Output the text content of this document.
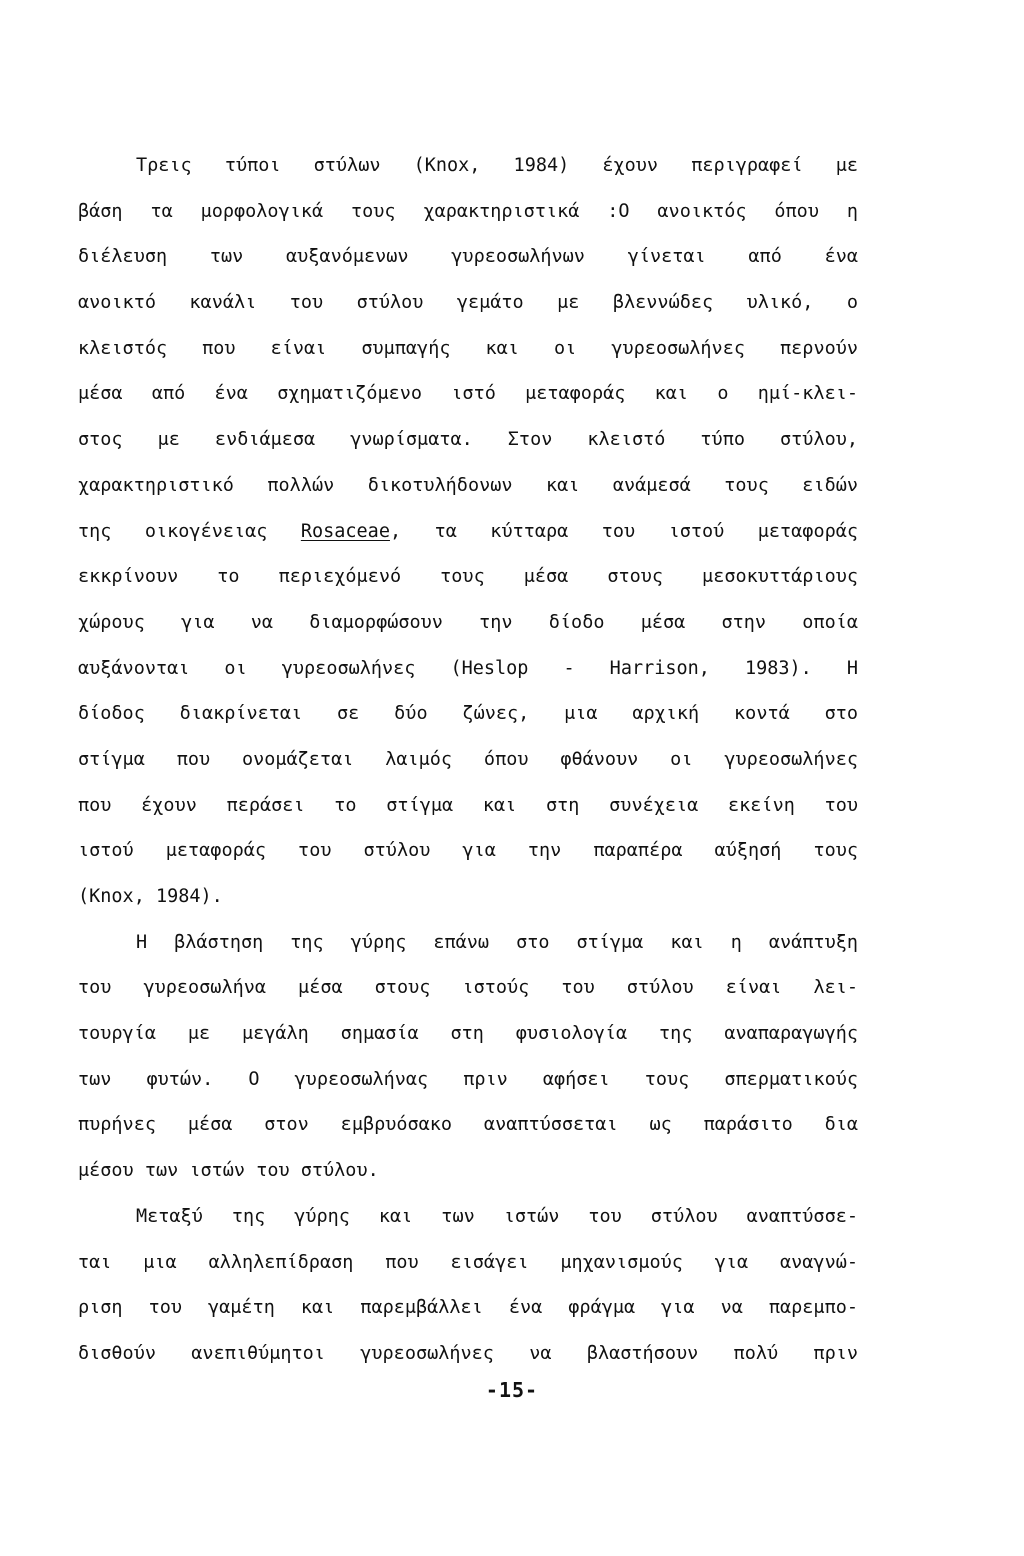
Τρεις τύποι στύλων (Knox, 1984) έχουν περιγραφεί με
βάση τα μορφολογικά τους χαρακτηριστικά :Ο ανοικτός όπου η
διέλευση των αυξανόμενων γυρεοσωλήνων γίνεται από ένα
ανοικτό κανάλι του στύλου γεμάτο με βλεννώδες υλικό, ο
κλειστός που είναι συμπαγής και οι γυρεοσωλήνες περνούν
μέσα από ένα σχηματιζόμενο ιστό μεταφοράς και ο ημί-κλει-
στος με ενδιάμεσα γνωρίσματα. Στον κλειστό τύπο στύλου,
χαρακτηριστικό πολλών δικοτυλήδονων και ανάμεσά τους ειδών
της οικογένειας Rosaceae, τα κύτταρα του ιστού μεταφοράς
εκκρίνουν το περιεχόμενό τους μέσα στους μεσοκυττάριους
χώρους για να διαμορφώσουν την δίοδο μέσα στην οποία
αυξάνονται οι γυρεοσωλήνες (Heslop - Harrison, 1983). Η
δίοδος διακρίνεται σε δύο ζώνες, μια αρχική κοντά στο
στίγμα που ονομάζεται λαιμός όπου φθάνουν οι γυρεοσωλήνες
που έχουν περάσει το στίγμα και στη συνέχεια εκείνη του
ιστού μεταφοράς του στύλου για την παραπέρα αύξησή τους
(Knox, 1984).
Η βλάστηση της γύρης επάνω στο στίγμα και η ανάπτυξη
του γυρεοσωλήνα μέσα στους ιστούς του στύλου είναι λει-
τουργία με μεγάλη σημασία στη φυσιολογία της αναπαραγωγής
των φυτών. Ο γυρεοσωλήνας πριν αφήσει τους σπερματικούς
πυρήνες μέσα στον εμβρυόσακο αναπτύσσεται ως παράσιτο δια
μέσου των ιστών του στύλου.
Μεταξύ της γύρης και των ιστών του στύλου αναπτύσσε-
ται μια αλληλεπίδραση που εισάγει μηχανισμούς για αναγνώ-
ριση του γαμέτη και παρεμβάλλει ένα φράγμα για να παρεμπο-
δισθούν ανεπιθύμητοι γυρεοσωλήνες να βλαστήσουν πολύ πριν
-15-
